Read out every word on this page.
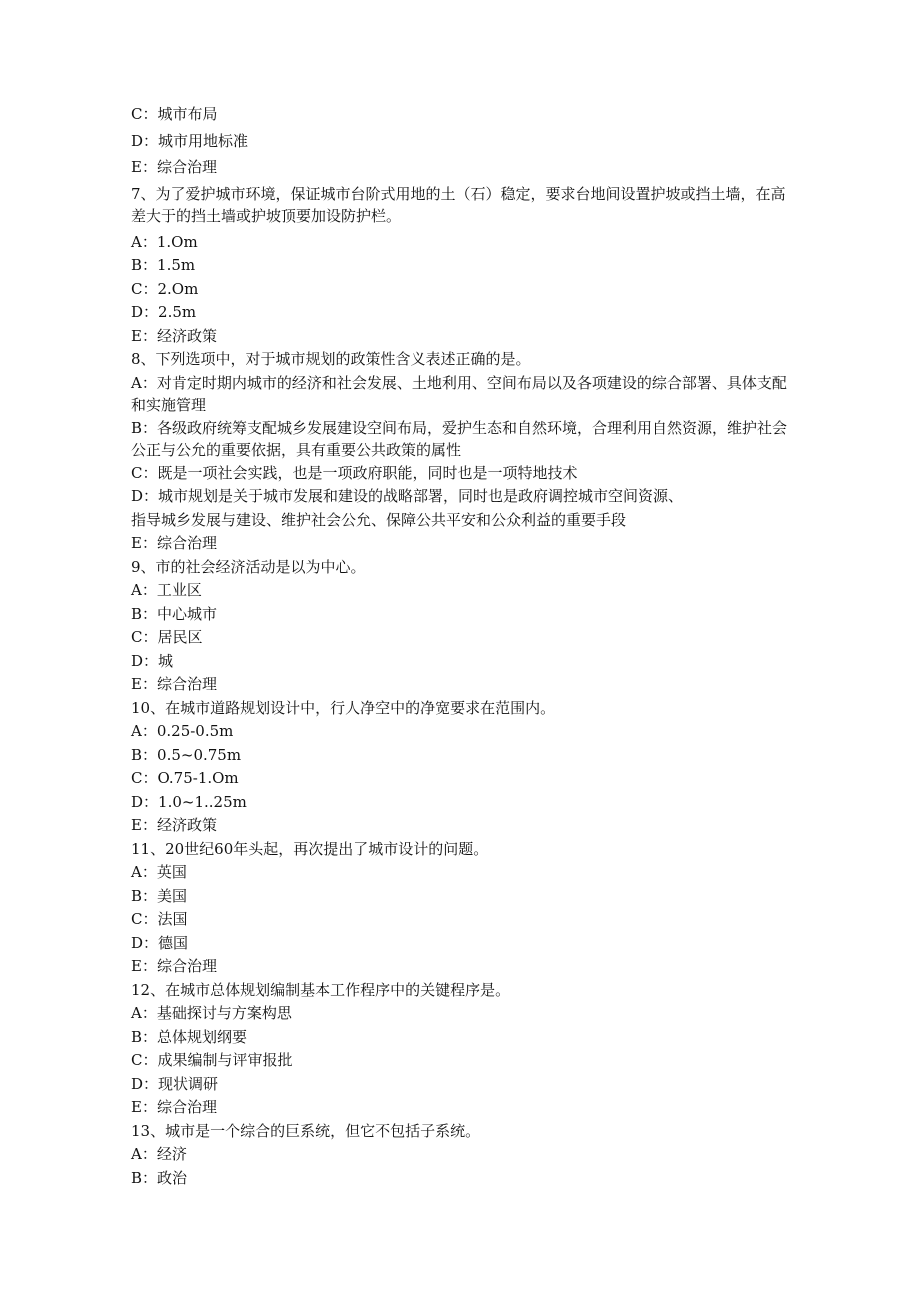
C：城市布局

D：城市用地标准

E：综合治理

7、为了爱护城市环境，保证城市台阶式用地的土（石）稳定，要求台地间设置护坡或挡土墙，在高差大于的挡土墙或护坡顶要加设防护栏。

A：1.Om

B：1.5m

C：2.Om

D：2.5m

E：经济政策

8、下列选项中，对于城市规划的政策性含义表述正确的是。

A：对肯定时期内城市的经济和社会发展、土地利用、空间布局以及各项建设的综合部署、具体支配和实施管理

B：各级政府统筹支配城乡发展建设空间布局，爱护生态和自然环境，合理利用自然资源，维护社会公正与公允的重要依据，具有重要公共政策的属性

C：既是一项社会实践，也是一项政府职能，同时也是一项特地技术

D：城市规划是关于城市发展和建设的战略部署，同时也是政府调控城市空间资源、

指导城乡发展与建设、维护社会公允、保障公共平安和公众利益的重要手段

E：综合治理

9、市的社会经济活动是以为中心。

A：工业区

B：中心城市

C：居民区

D：城

E：综合治理

10、在城市道路规划设计中，行人净空中的净宽要求在范围内。

A：0.25-0.5m

B：0.5~0.75m

C：O.75-1.Om

D：1.0~1..25m

E：经济政策

11、20世纪60年头起，再次提出了城市设计的问题。

A：英国

B：美国

C：法国

D：德国

E：综合治理

12、在城市总体规划编制基本工作程序中的关键程序是。

A：基础探讨与方案构思

B：总体规划纲要

C：成果编制与评审报批

D：现状调研

E：综合治理

13、城市是一个综合的巨系统，但它不包括子系统。

A：经济

B：政治
